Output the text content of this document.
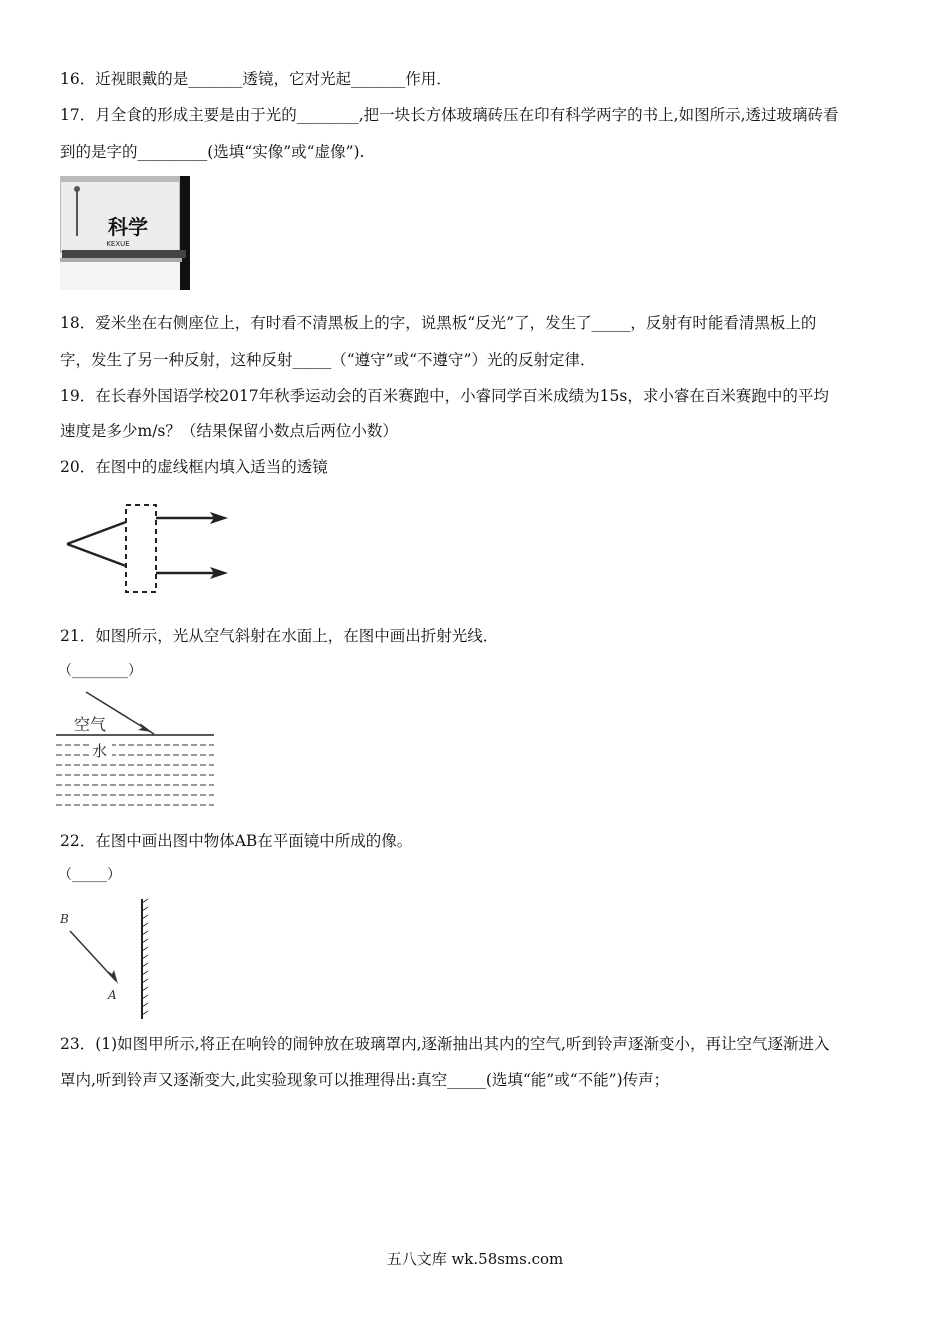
16．近视眼戴的是_______透镜，它对光起_______作用．
17．月全食的形成主要是由于光的________,把一块长方体玻璃砖压在印有科学两字的书上,如图所示,透过玻璃砖看
到的是字的_________(选填“实像”或“虚像”).
科学
KEXUE
18．爱米坐在右侧座位上，有时看不清黑板上的字，说黑板“反光”了，发生了_____，反射有时能看清黑板上的
字，发生了另一种反射，这种反射_____（“遵守”或“不遵守”）光的反射定律．
19．在长春外国语学校2017年秋季运动会的百米赛跑中，小睿同学百米成绩为15s，求小睿在百米赛跑中的平均
速度是多少m/s？（结果保留小数点后两位小数）
20．在图中的虚线框内填入适当的透镜
21．如图所示，光从空气斜射在水面上，在图中画出折射光线．
（________）
空气
水
22．在图中画出图中物体AB在平面镜中所成的像。
（_____）
B
A
23．(1)如图甲所示,将正在响铃的闹钟放在玻璃罩内,逐渐抽出其内的空气,听到铃声逐渐变小，再让空气逐渐进入
罩内,听到铃声又逐渐变大,此实验现象可以推理得出:真空_____(选填“能”或“不能”)传声；
五八文库 wk.58sms.com
